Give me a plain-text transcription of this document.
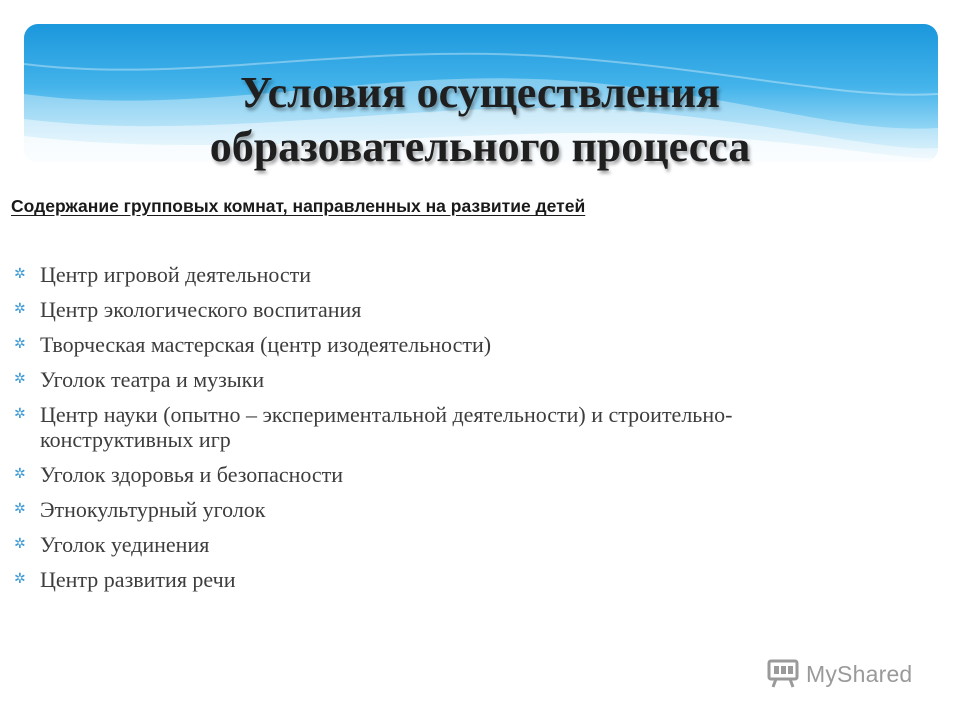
Условия осуществления
образовательного процесса
Содержание групповых комнат, направленных на развитие детей
✲ Центр игровой деятельности
✲ Центр экологического воспитания
✲ Творческая мастерская (центр изодеятельности)
✲ Уголок театра и музыки
✲ Центр науки (опытно – экспериментальной деятельности) и строительно-конструктивных игр
✲ Уголок здоровья и безопасности
✲ Этнокультурный уголок
✲ Уголок уединения
✲ Центр развития речи
MyShared
